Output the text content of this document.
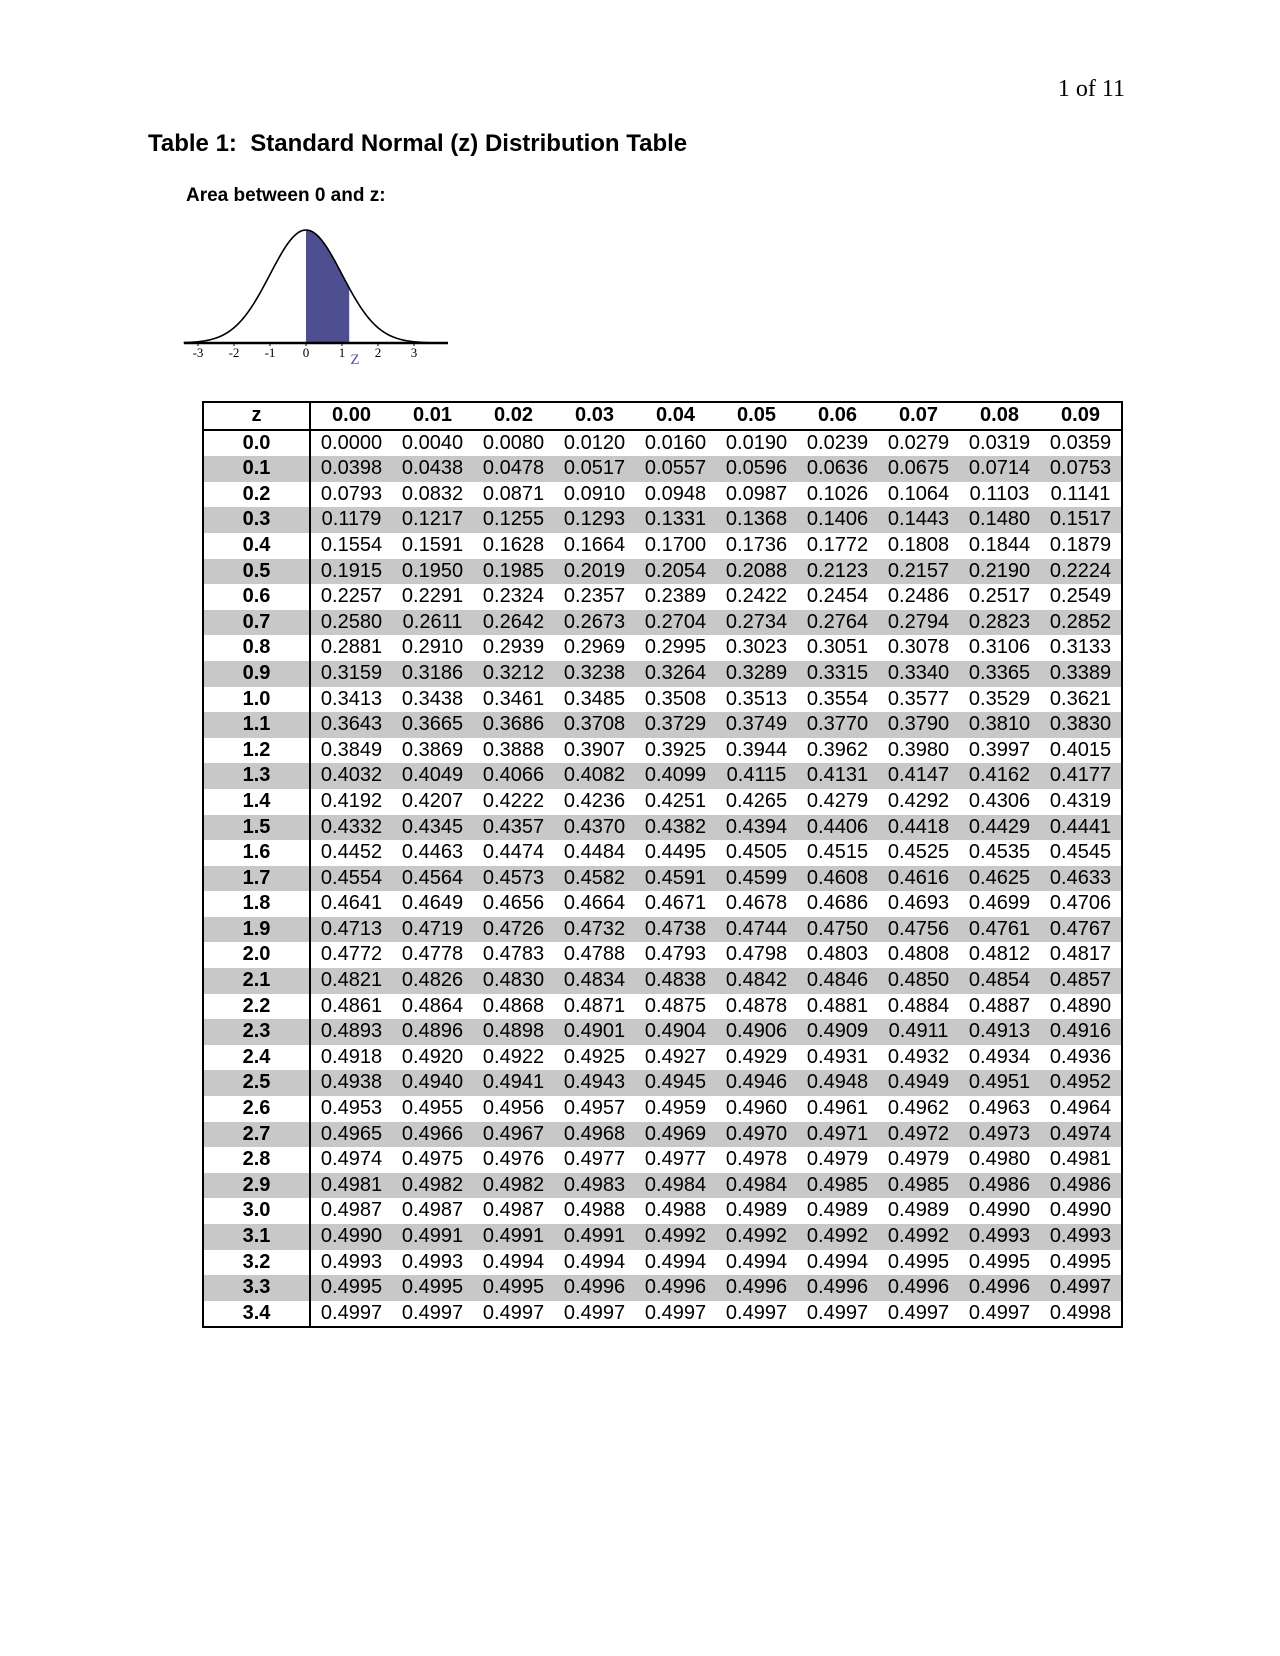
1 of 11
Table 1:  Standard Normal (z) Distribution Table
Area between 0 and z:
-3 -2 -1 0 1 2 3
Z
z	0.00	0.01	0.02	0.03	0.04	0.05	0.06	0.07	0.08	0.09
0.0	0.0000	0.0040	0.0080	0.0120	0.0160	0.0190	0.0239	0.0279	0.0319	0.0359
0.1	0.0398	0.0438	0.0478	0.0517	0.0557	0.0596	0.0636	0.0675	0.0714	0.0753
0.2	0.0793	0.0832	0.0871	0.0910	0.0948	0.0987	0.1026	0.1064	0.1103	0.1141
0.3	0.1179	0.1217	0.1255	0.1293	0.1331	0.1368	0.1406	0.1443	0.1480	0.1517
0.4	0.1554	0.1591	0.1628	0.1664	0.1700	0.1736	0.1772	0.1808	0.1844	0.1879
0.5	0.1915	0.1950	0.1985	0.2019	0.2054	0.2088	0.2123	0.2157	0.2190	0.2224
0.6	0.2257	0.2291	0.2324	0.2357	0.2389	0.2422	0.2454	0.2486	0.2517	0.2549
0.7	0.2580	0.2611	0.2642	0.2673	0.2704	0.2734	0.2764	0.2794	0.2823	0.2852
0.8	0.2881	0.2910	0.2939	0.2969	0.2995	0.3023	0.3051	0.3078	0.3106	0.3133
0.9	0.3159	0.3186	0.3212	0.3238	0.3264	0.3289	0.3315	0.3340	0.3365	0.3389
1.0	0.3413	0.3438	0.3461	0.3485	0.3508	0.3513	0.3554	0.3577	0.3529	0.3621
1.1	0.3643	0.3665	0.3686	0.3708	0.3729	0.3749	0.3770	0.3790	0.3810	0.3830
1.2	0.3849	0.3869	0.3888	0.3907	0.3925	0.3944	0.3962	0.3980	0.3997	0.4015
1.3	0.4032	0.4049	0.4066	0.4082	0.4099	0.4115	0.4131	0.4147	0.4162	0.4177
1.4	0.4192	0.4207	0.4222	0.4236	0.4251	0.4265	0.4279	0.4292	0.4306	0.4319
1.5	0.4332	0.4345	0.4357	0.4370	0.4382	0.4394	0.4406	0.4418	0.4429	0.4441
1.6	0.4452	0.4463	0.4474	0.4484	0.4495	0.4505	0.4515	0.4525	0.4535	0.4545
1.7	0.4554	0.4564	0.4573	0.4582	0.4591	0.4599	0.4608	0.4616	0.4625	0.4633
1.8	0.4641	0.4649	0.4656	0.4664	0.4671	0.4678	0.4686	0.4693	0.4699	0.4706
1.9	0.4713	0.4719	0.4726	0.4732	0.4738	0.4744	0.4750	0.4756	0.4761	0.4767
2.0	0.4772	0.4778	0.4783	0.4788	0.4793	0.4798	0.4803	0.4808	0.4812	0.4817
2.1	0.4821	0.4826	0.4830	0.4834	0.4838	0.4842	0.4846	0.4850	0.4854	0.4857
2.2	0.4861	0.4864	0.4868	0.4871	0.4875	0.4878	0.4881	0.4884	0.4887	0.4890
2.3	0.4893	0.4896	0.4898	0.4901	0.4904	0.4906	0.4909	0.4911	0.4913	0.4916
2.4	0.4918	0.4920	0.4922	0.4925	0.4927	0.4929	0.4931	0.4932	0.4934	0.4936
2.5	0.4938	0.4940	0.4941	0.4943	0.4945	0.4946	0.4948	0.4949	0.4951	0.4952
2.6	0.4953	0.4955	0.4956	0.4957	0.4959	0.4960	0.4961	0.4962	0.4963	0.4964
2.7	0.4965	0.4966	0.4967	0.4968	0.4969	0.4970	0.4971	0.4972	0.4973	0.4974
2.8	0.4974	0.4975	0.4976	0.4977	0.4977	0.4978	0.4979	0.4979	0.4980	0.4981
2.9	0.4981	0.4982	0.4982	0.4983	0.4984	0.4984	0.4985	0.4985	0.4986	0.4986
3.0	0.4987	0.4987	0.4987	0.4988	0.4988	0.4989	0.4989	0.4989	0.4990	0.4990
3.1	0.4990	0.4991	0.4991	0.4991	0.4992	0.4992	0.4992	0.4992	0.4993	0.4993
3.2	0.4993	0.4993	0.4994	0.4994	0.4994	0.4994	0.4994	0.4995	0.4995	0.4995
3.3	0.4995	0.4995	0.4995	0.4996	0.4996	0.4996	0.4996	0.4996	0.4996	0.4997
3.4	0.4997	0.4997	0.4997	0.4997	0.4997	0.4997	0.4997	0.4997	0.4997	0.4998
